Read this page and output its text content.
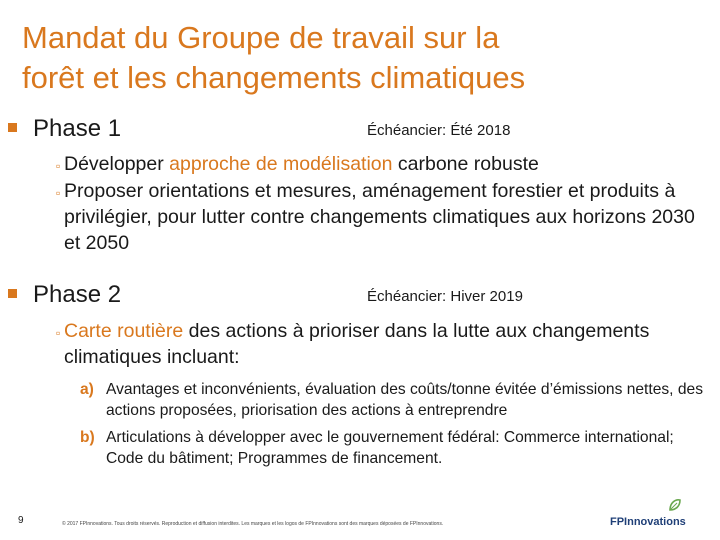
Mandat du Groupe de travail sur la
forêt et les changements climatiques
Phase 1	Échéancier: Été 2018
▫ Développer approche de modélisation carbone robuste
▫ Proposer orientations et mesures, aménagement forestier et produits à privilégier, pour lutter contre changements climatiques aux horizons 2030 et 2050
Phase 2	Échéancier: Hiver 2019
▫ Carte routière des actions à prioriser dans la lutte aux changements climatiques incluant:
a) Avantages et inconvénients, évaluation des coûts/tonne évitée d’émissions nettes, des actions proposées, priorisation des actions à entreprendre
b) Articulations à développer avec le gouvernement fédéral: Commerce international; Code du bâtiment; Programmes de financement.
9	© 2017 FPInnovations. Tous droits réservés. Reproduction et diffusion interdites. Les marques et les logos de FPInnovations sont des marques déposées de FPInnovations.	FPInnovations
